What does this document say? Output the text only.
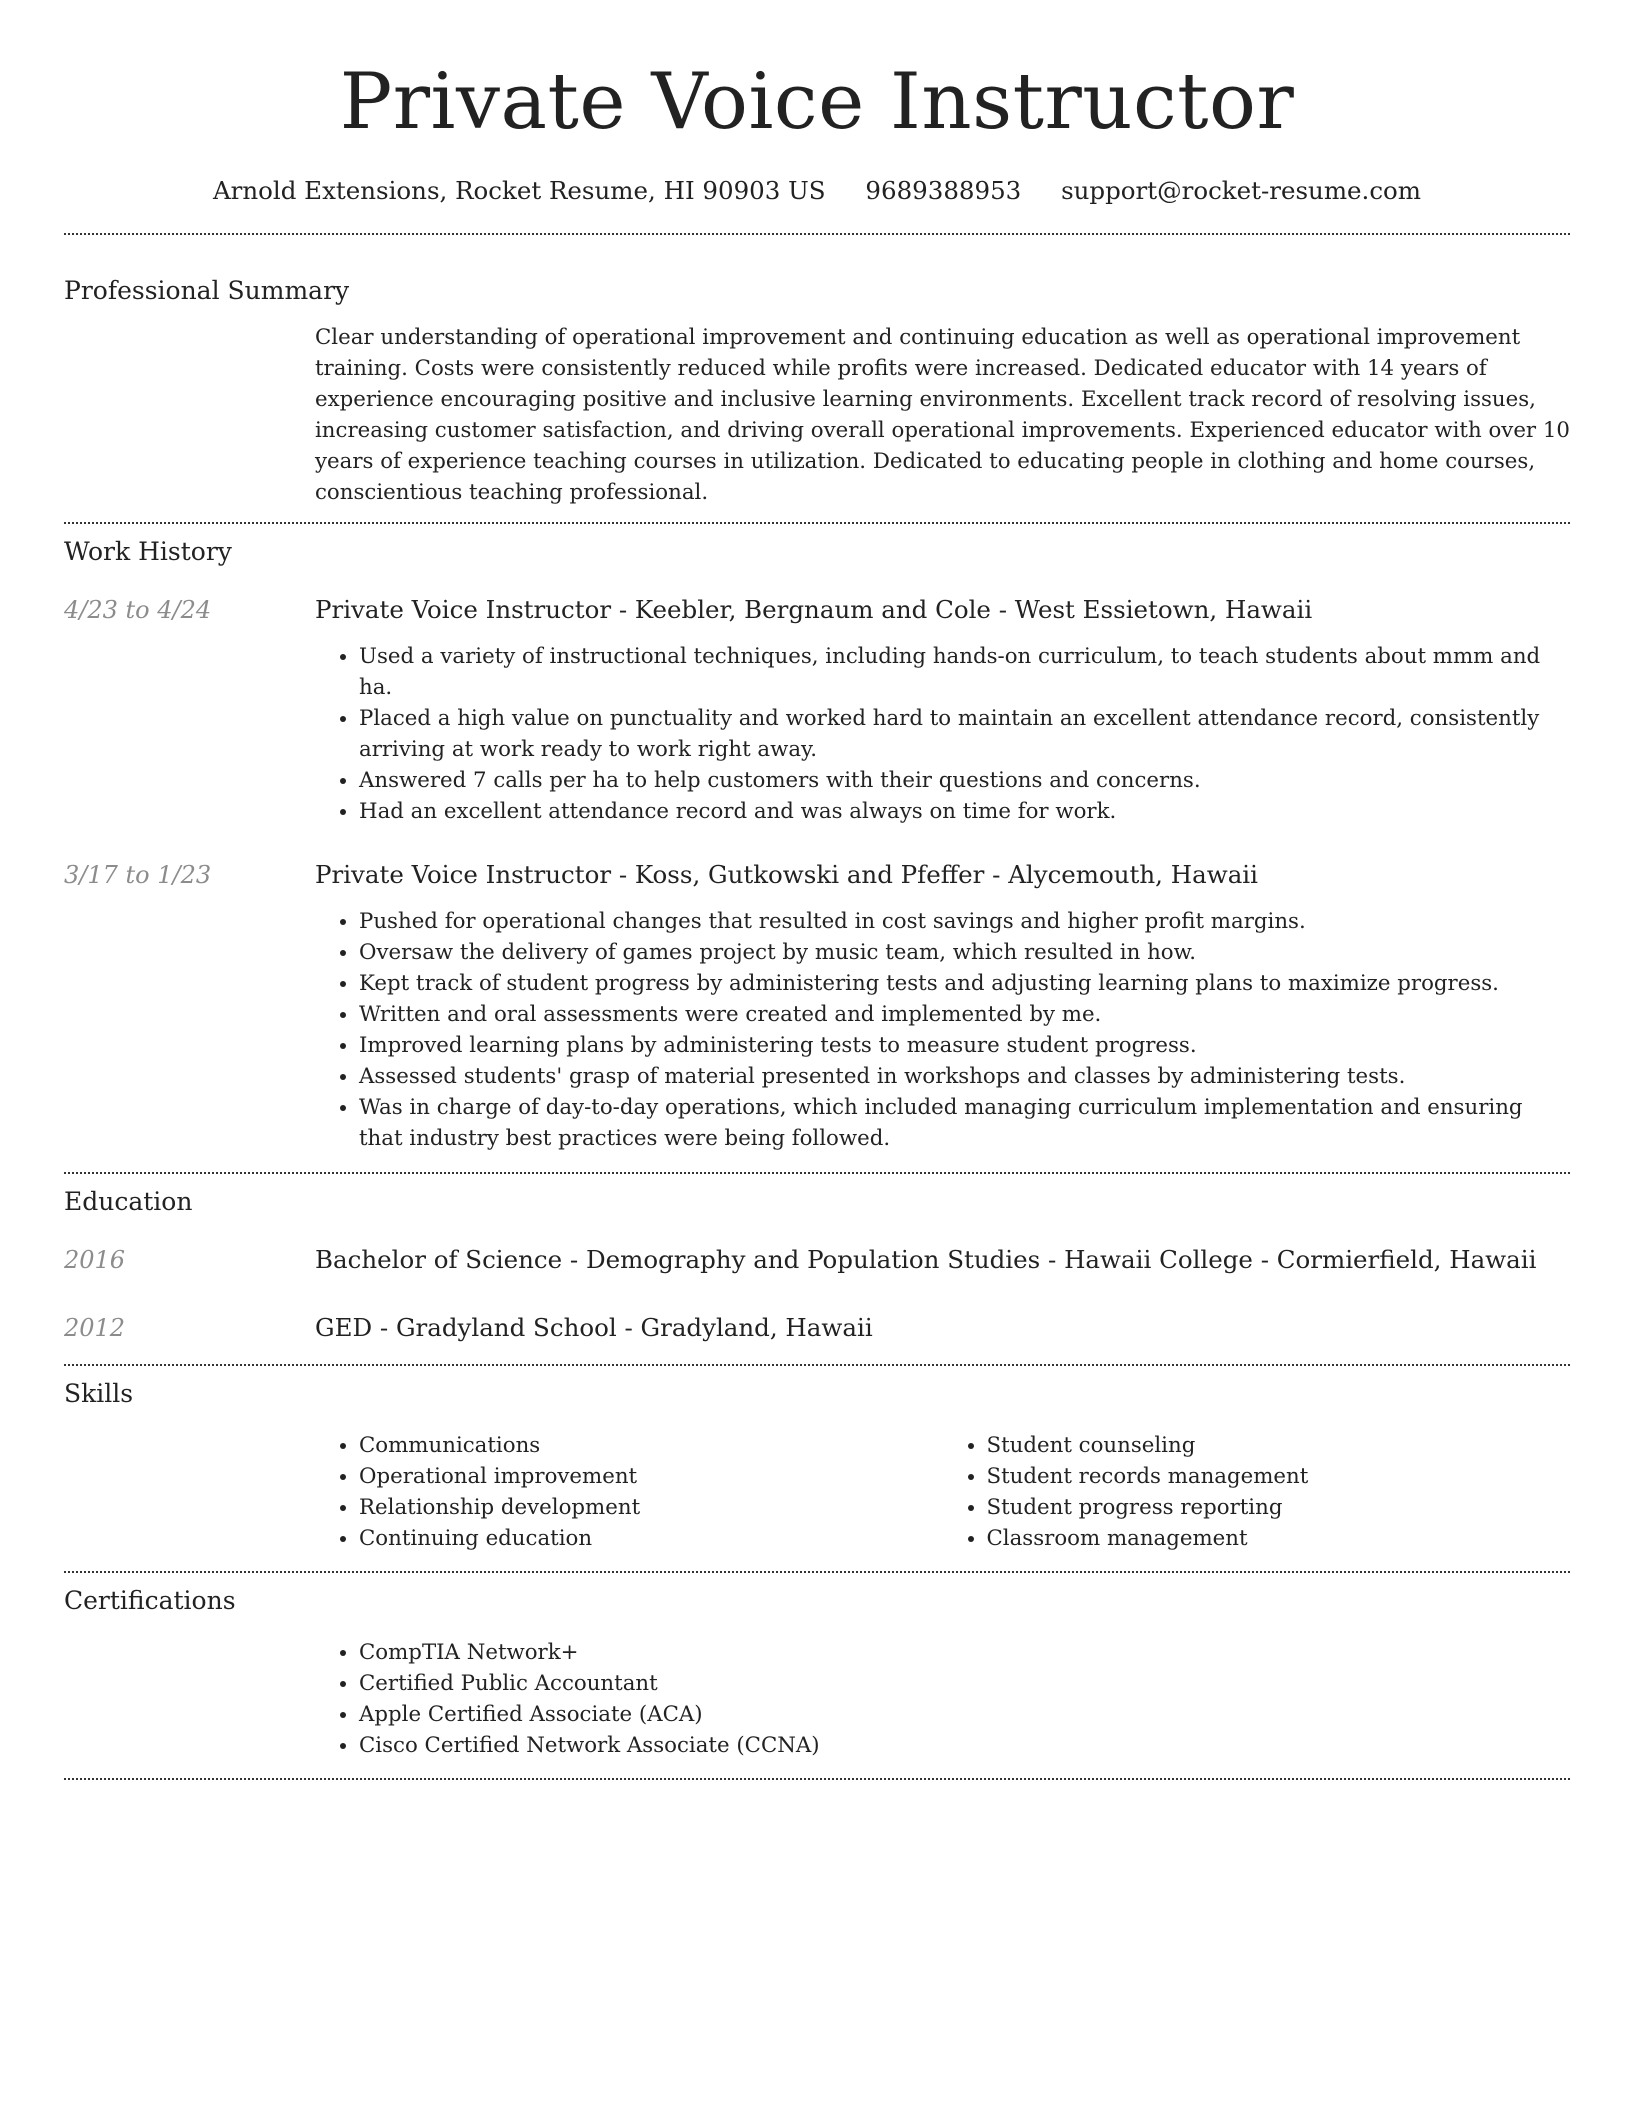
Private Voice Instructor
Arnold Extensions, Rocket Resume, HI 90903 US 9689388953 support@rocket-resume.com
Professional Summary

Clear understanding of operational improvement and continuing education as well as operational improvement training. Costs were consistently reduced while profits were increased. Dedicated educator with 14 years of experience encouraging positive and inclusive learning environments. Excellent track record of resolving issues, increasing customer satisfaction, and driving overall operational improvements. Experienced educator with over 10 years of experience teaching courses in utilization. Dedicated to educating people in clothing and home courses, conscientious teaching professional.

Work History
4/23 to 4/24	Private Voice Instructor - Keebler, Bergnaum and Cole - West Essietown, Hawaii
• Used a variety of instructional techniques, including hands-on curriculum, to teach students about mmm and ha.
• Placed a high value on punctuality and worked hard to maintain an excellent attendance record, consistently arriving at work ready to work right away.
• Answered 7 calls per ha to help customers with their questions and concerns.
• Had an excellent attendance record and was always on time for work.
3/17 to 1/23	Private Voice Instructor - Koss, Gutkowski and Pfeffer - Alycemouth, Hawaii
• Pushed for operational changes that resulted in cost savings and higher profit margins.
• Oversaw the delivery of games project by music team, which resulted in how.
• Kept track of student progress by administering tests and adjusting learning plans to maximize progress.
• Written and oral assessments were created and implemented by me.
• Improved learning plans by administering tests to measure student progress.
• Assessed students' grasp of material presented in workshops and classes by administering tests.
• Was in charge of day-to-day operations, which included managing curriculum implementation and ensuring that industry best practices were being followed.
Education
2016	Bachelor of Science - Demography and Population Studies - Hawaii College - Cormierfield, Hawaii
2012	GED - Gradyland School - Gradyland, Hawaii
Skills
• Communications
• Operational improvement
• Relationship development
• Continuing education
• Student counseling
• Student records management
• Student progress reporting
• Classroom management
Certifications
• CompTIA Network+
• Certified Public Accountant
• Apple Certified Associate (ACA)
• Cisco Certified Network Associate (CCNA)
